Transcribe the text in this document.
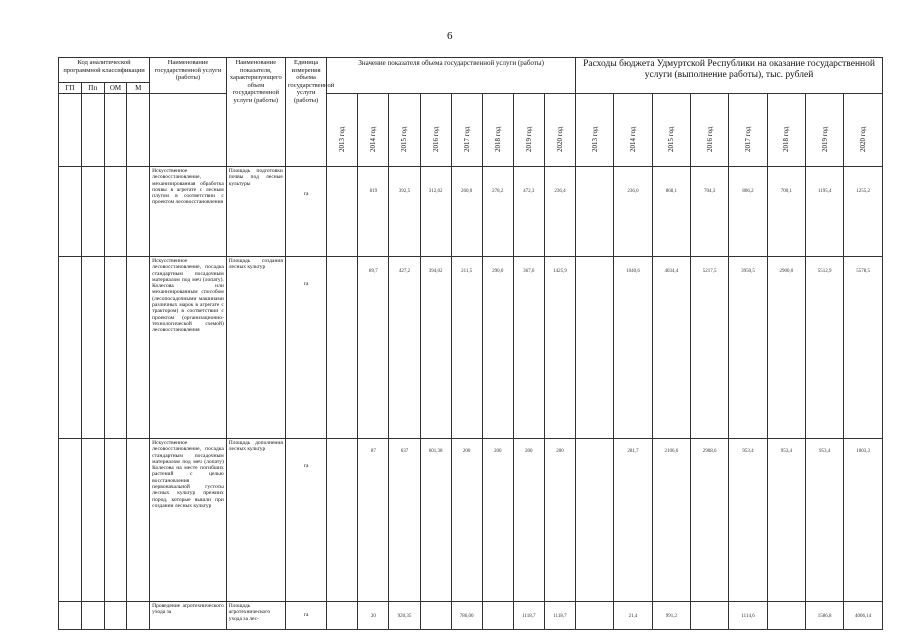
6
Код аналитической программной классификации				Наименование государственной услуги (работы)	Наименование показателя, характеризующего объем государственной услуги (работы)	Единица измерения объема государственной услуги (работы)	Значение показателя объема государственной услуги (работы)								Расходы бюджета Удмуртской Республики на оказание государственной услуги (выполнение работы), тыс. рублей							
ГП	Пп	ОМ	М																			

							2013 год	2014 год	2015 год	2016 год	2017 год	2018 год	2019 год	2020 год	2013 год	2014 год	2015 год	2016 год	2017 год	2018 год	2019 год	2020 год

				Искусственное лесовосстановление, механизированная обработка почвы в агрегате с лесным плугом в соответствии с проектом лесовосстановления	Площадь подготовки почвы под лесные культуры	га		819	392,5	312,02	260,0	278,2	472,3	236,4		236,0	868,1	704,3	806,2	700,1	1195,4	1255,2
				Искусственное лесовосстановление, посадка стандартным посадочным материалом под меч (лопату). Колесова или механизированным способом (лесопосадочными машинами различных марок в агрегате с трактором) в соответствии с проектом (организационно-технологической схемой) лесовосстановления	Площадь создания лесных культур	га		89,7	427,2	394,02	211,5	290,0	367,6	1425,9		1040,6	4034,4	5217,5	3950,5	2900,0	5512,9	5578,5
				Искусственное лесовосстановление, посадка стандартным посадочным материалом под меч (лопату) Колесова на месте погибших растений с целью восстановления первоначальной густоты лесных культур прежних пород, которые вышли при создании лесных культур	Площадь дополнения лесных культур	га		87	637	601,38	200	200	200	200		281,7	2106,6	2908,6	953,4	953,4	953,4	1003,3
				Проведение агротехнического ухода за	Площадь агротехнического ухода за лес-	га		20	920,35		786,00		1118,7	1118,7		21,4	991,2		1114,6		1586,8	4006,14
